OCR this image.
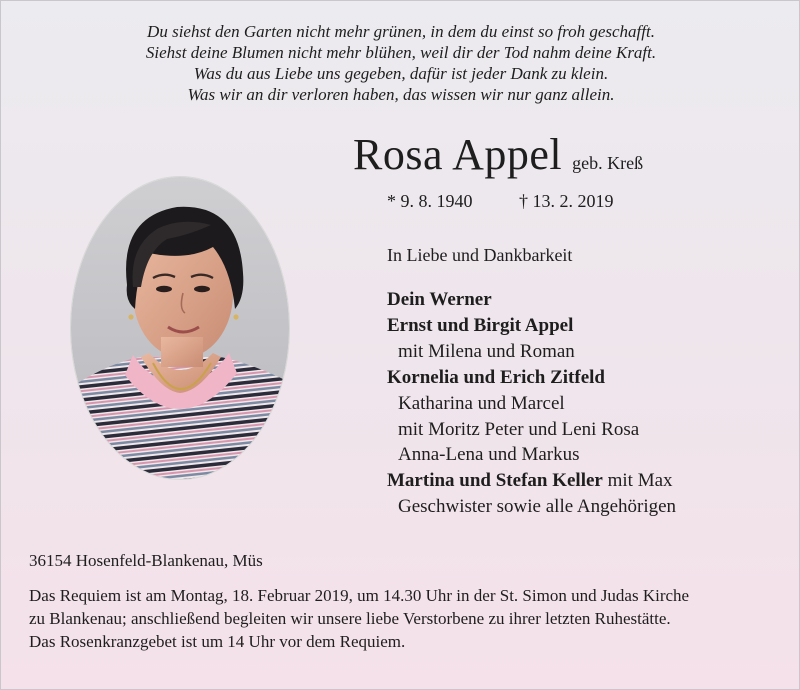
Du siehst den Garten nicht mehr grünen, in dem du einst so froh geschafft.
Siehst deine Blumen nicht mehr blühen, weil dir der Tod nahm deine Kraft.
Was du aus Liebe uns gegeben, dafür ist jeder Dank zu klein.
Was wir an dir verloren haben, das wissen wir nur ganz allein.
Rosa Appel geb. Kreß
* 9. 8. 1940	† 13. 2. 2019
In Liebe und Dankbarkeit
Dein Werner
Ernst und Birgit Appel
mit Milena und Roman
Kornelia und Erich Zitfeld
Katharina und Marcel
mit Moritz Peter und Leni Rosa
Anna-Lena und Markus
Martina und Stefan Keller mit Max
Geschwister sowie alle Angehörigen
36154 Hosenfeld-Blankenau, Müs
Das Requiem ist am Montag, 18. Februar 2019, um 14.30 Uhr in der St. Simon und Judas Kirche
zu Blankenau; anschließend begleiten wir unsere liebe Verstorbene zu ihrer letzten Ruhestätte.
Das Rosenkranzgebet ist um 14 Uhr vor dem Requiem.
